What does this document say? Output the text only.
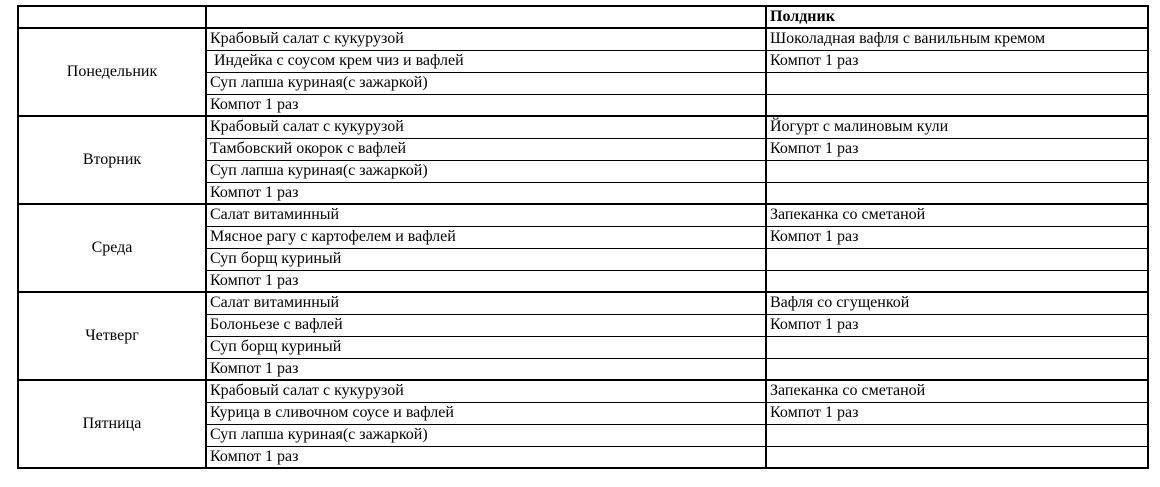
		Полдник
Понедельник	Крабовый салат с кукурузой	Шоколадная вафля с ванильным кремом
	Индейка с соусом крем чиз и вафлей	Компот 1 раз
	Суп лапша куриная(с зажаркой)	
	Компот 1 раз	
Вторник	Крабовый салат с кукурузой	Йогурт с малиновым кули
	Тамбовский окорок с вафлей	Компот 1 раз
	Суп лапша куриная(с зажаркой)	
	Компот 1 раз	
Среда	Салат витаминный	Запеканка со сметаной
	Мясное рагу с картофелем и вафлей	Компот 1 раз
	Суп борщ куриный	
	Компот 1 раз	
Четверг	Салат витаминный	Вафля со сгущенкой
	Болоньезе с вафлей	Компот 1 раз
	Суп борщ куриный	
	Компот 1 раз	
Пятница	Крабовый салат с кукурузой	Запеканка со сметаной
	Курица в сливочном соусе и вафлей	Компот 1 раз
	Суп лапша куриная(с зажаркой)	
	Компот 1 раз	
